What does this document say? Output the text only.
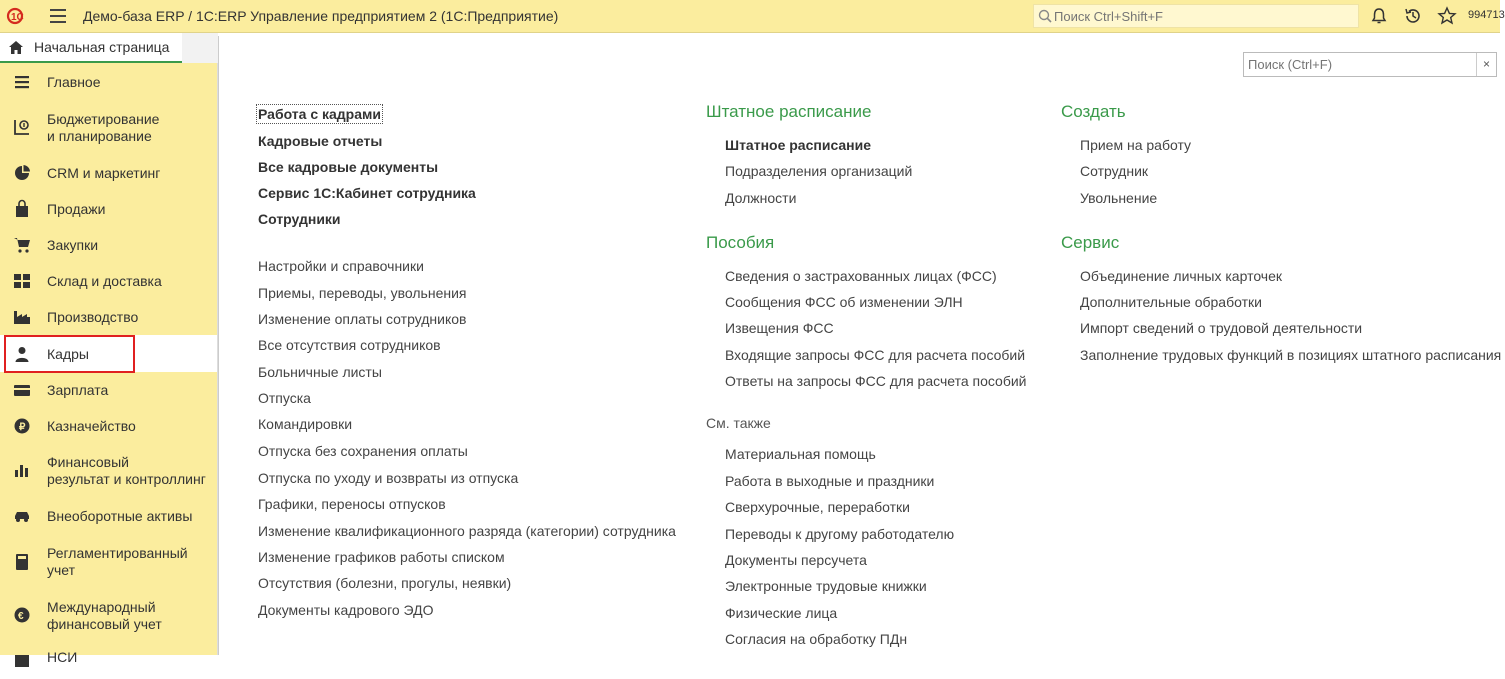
1С	Демо-база ERP / 1С:ERP Управление предприятием 2 (1С:Предприятие)
Поиск Ctrl+Shift+F	994713
Начальная страница
Главное
Бюджетирование
и планирование
CRM и маркетинг
Продажи
Закупки
Склад и доставка
Производство
Кадры
Зарплата
₽ Казначейство
Финансовый
результат и контроллинг
Внеоборотные активы
Регламентированный
учет
€
Международный
финансовый учет
НСИ
Поиск (Ctrl+F)
×
Работа с кадрами
Кадровые отчеты
Все кадровые документы
Сервис 1С:Кабинет сотрудника
Сотрудники
Настройки и справочники
Приемы, переводы, увольнения
Изменение оплаты сотрудников
Все отсутствия сотрудников
Больничные листы
Отпуска
Командировки
Отпуска без сохранения оплаты
Отпуска по уходу и возвраты из отпуска
Графики, переносы отпусков
Изменение квалификационного разряда (категории) сотрудника
Изменение графиков работы списком
Отсутствия (болезни, прогулы, неявки)
Документы кадрового ЭДО
Штатное расписание
Штатное расписание
Подразделения организаций
Должности
Пособия
Сведения о застрахованных лицах (ФСС)
Сообщения ФСС об изменении ЭЛН
Извещения ФСС
Входящие запросы ФСС для расчета пособий
Ответы на запросы ФСС для расчета пособий
См. также
Материальная помощь
Работа в выходные и праздники
Сверхурочные, переработки
Переводы к другому работодателю
Документы персучета
Электронные трудовые книжки
Физические лица
Согласия на обработку ПДн
Создать
Прием на работу
Сотрудник
Увольнение
Сервис
Объединение личных карточек
Дополнительные обработки
Импорт сведений о трудовой деятельности
Заполнение трудовых функций в позициях штатного расписания
